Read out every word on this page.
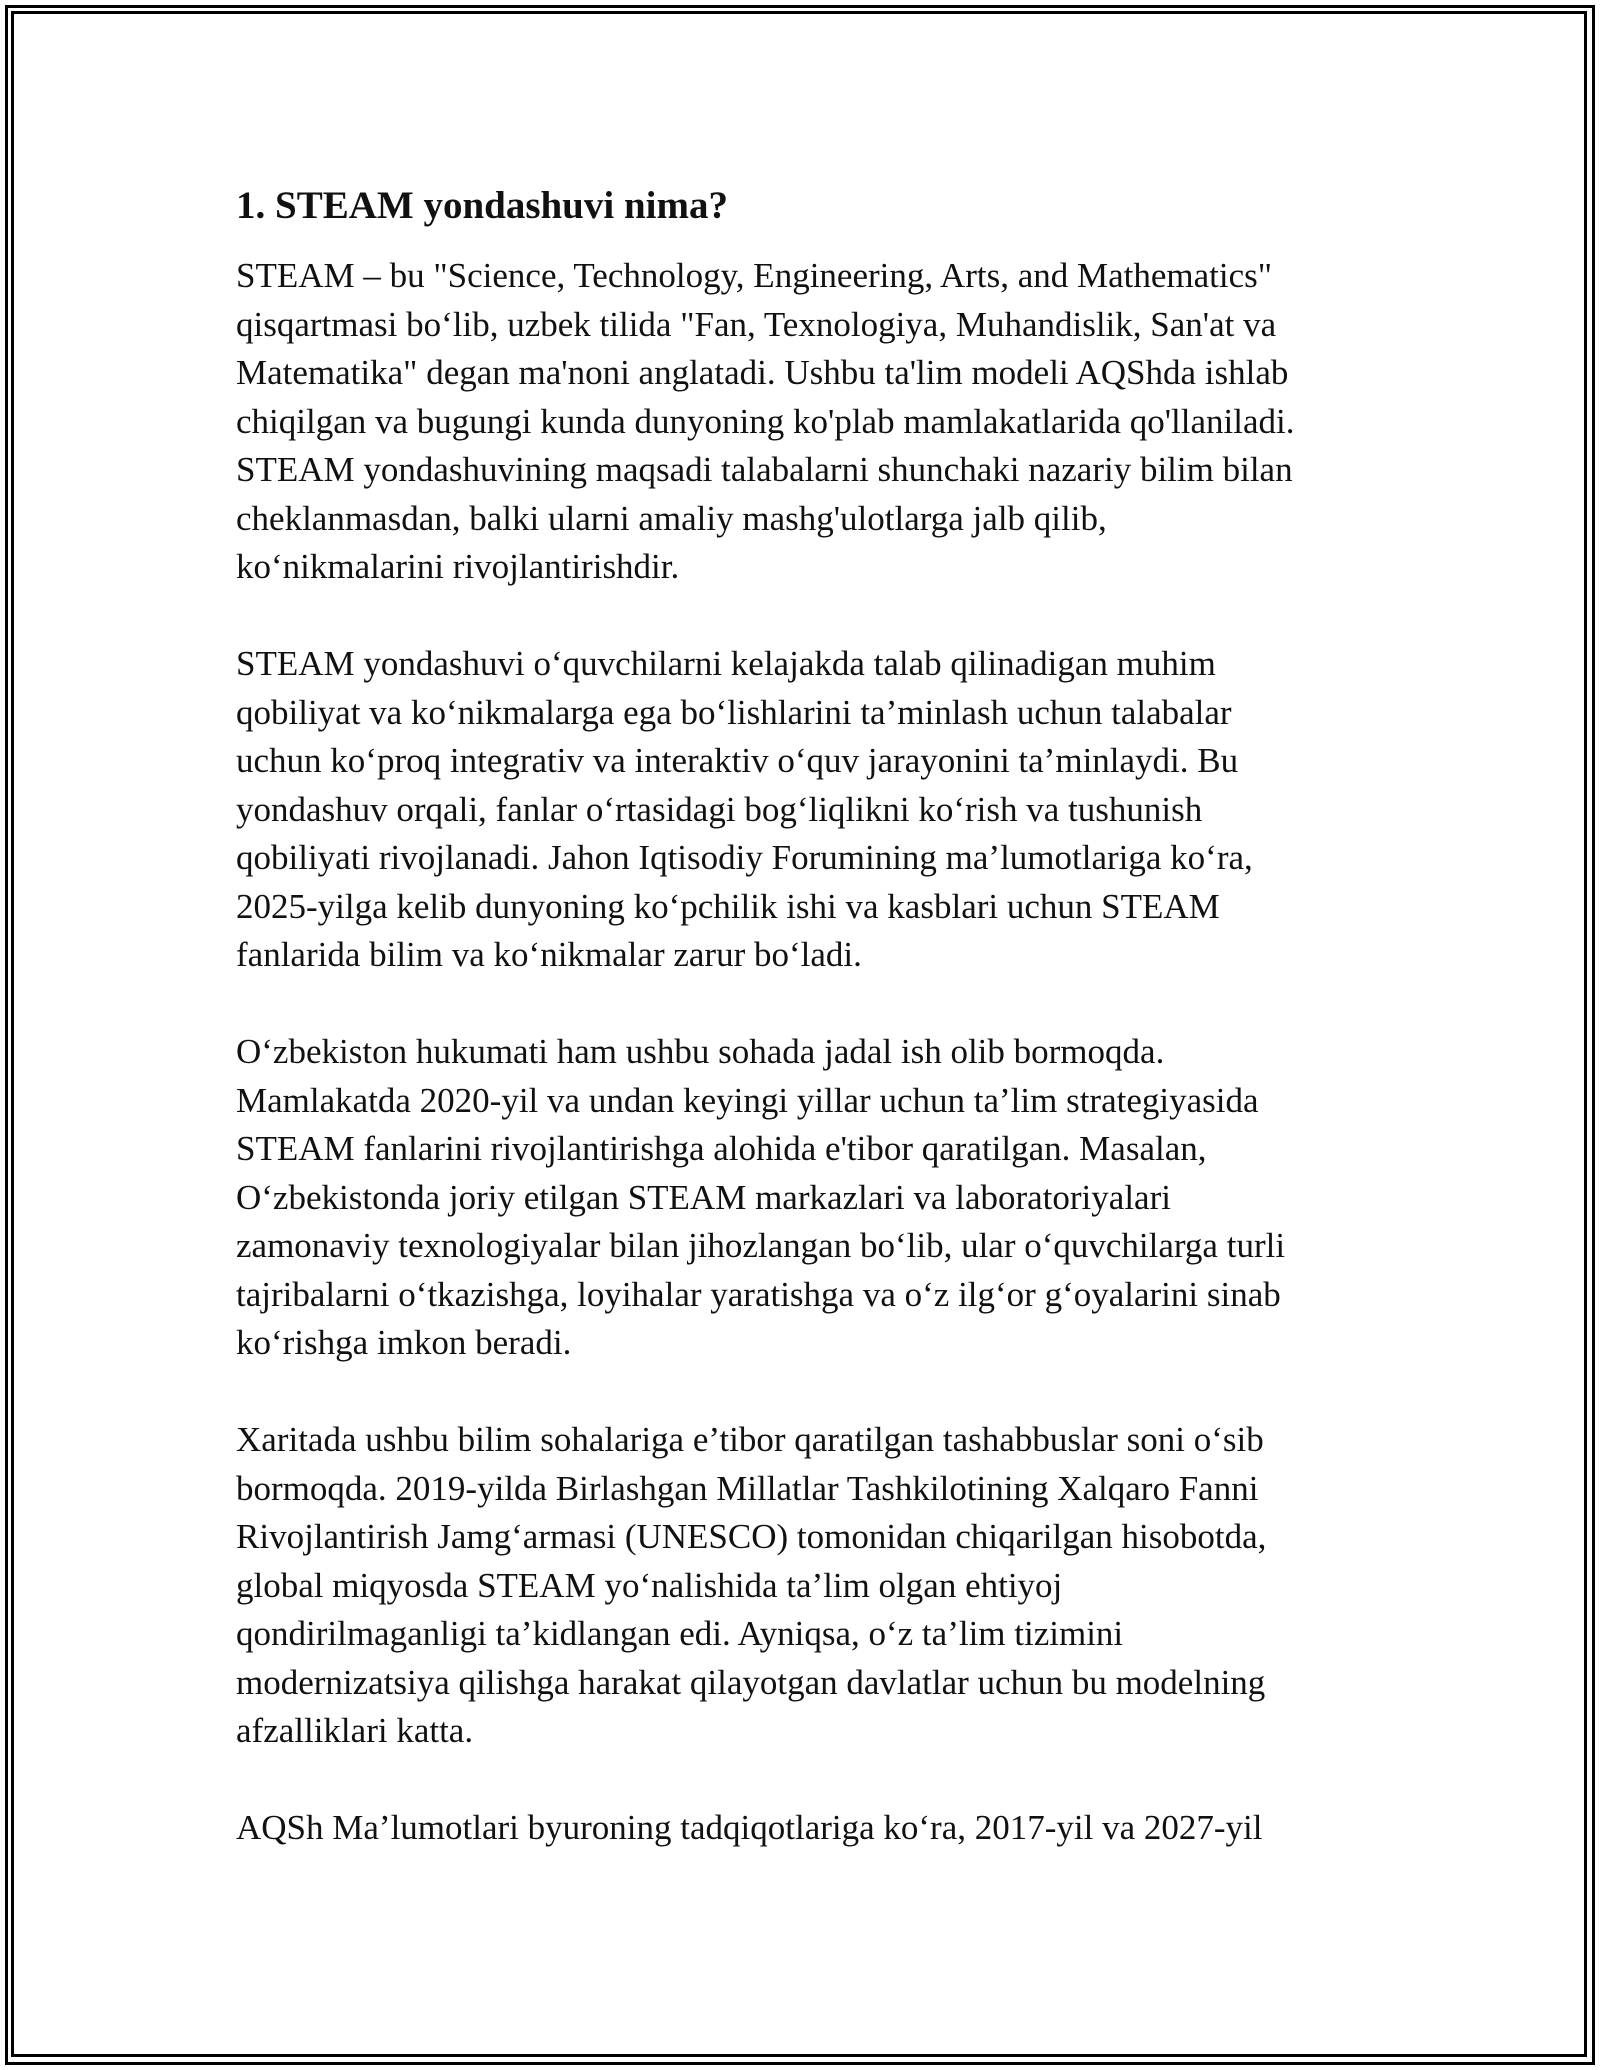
1. STEAM yondashuvi nima?
STEAM – bu "Science, Technology, Engineering, Arts, and Mathematics"
qisqartmasi bo‘lib, uzbek tilida "Fan, Texnologiya, Muhandislik, San'at va
Matematika" degan ma'noni anglatadi. Ushbu ta'lim modeli AQShda ishlab
chiqilgan va bugungi kunda dunyoning ko'plab mamlakatlarida qo'llaniladi.
STEAM yondashuvining maqsadi talabalarni shunchaki nazariy bilim bilan
cheklanmasdan, balki ularni amaliy mashg'ulotlarga jalb qilib,
ko‘nikmalarini rivojlantirishdir.
STEAM yondashuvi o‘quvchilarni kelajakda talab qilinadigan muhim
qobiliyat va ko‘nikmalarga ega bo‘lishlarini ta’minlash uchun talabalar
uchun ko‘proq integrativ va interaktiv o‘quv jarayonini ta’minlaydi. Bu
yondashuv orqali, fanlar o‘rtasidagi bog‘liqlikni ko‘rish va tushunish
qobiliyati rivojlanadi. Jahon Iqtisodiy Forumining ma’lumotlariga ko‘ra,
2025-yilga kelib dunyoning ko‘pchilik ishi va kasblari uchun STEAM
fanlarida bilim va ko‘nikmalar zarur bo‘ladi.
O‘zbekiston hukumati ham ushbu sohada jadal ish olib bormoqda.
Mamlakatda 2020-yil va undan keyingi yillar uchun ta’lim strategiyasida
STEAM fanlarini rivojlantirishga alohida e'tibor qaratilgan. Masalan,
O‘zbekistonda joriy etilgan STEAM markazlari va laboratoriyalari
zamonaviy texnologiyalar bilan jihozlangan bo‘lib, ular o‘quvchilarga turli
tajribalarni o‘tkazishga, loyihalar yaratishga va o‘z ilg‘or g‘oyalarini sinab
ko‘rishga imkon beradi.
Xaritada ushbu bilim sohalariga e’tibor qaratilgan tashabbuslar soni o‘sib
bormoqda. 2019-yilda Birlashgan Millatlar Tashkilotining Xalqaro Fanni
Rivojlantirish Jamg‘armasi (UNESCO) tomonidan chiqarilgan hisobotda,
global miqyosda STEAM yo‘nalishida ta’lim olgan ehtiyoj
qondirilmaganligi ta’kidlangan edi. Ayniqsa, o‘z ta’lim tizimini
modernizatsiya qilishga harakat qilayotgan davlatlar uchun bu modelning
afzalliklari katta.
AQSh Ma’lumotlari byuroning tadqiqotlariga ko‘ra, 2017-yil va 2027-yil
